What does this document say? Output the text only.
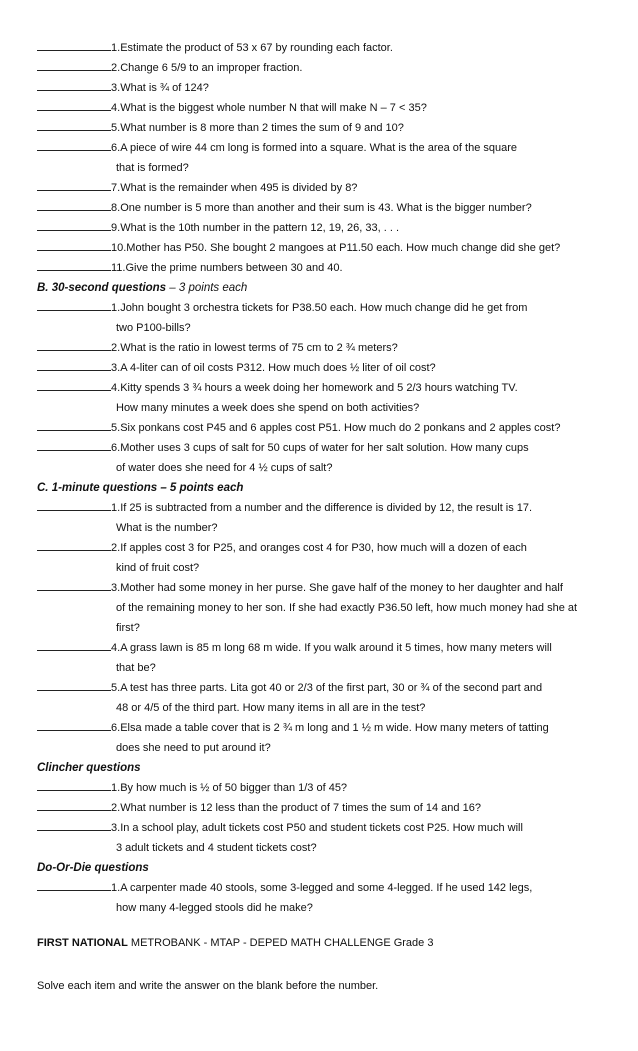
1.Estimate the product of 53 x 67 by rounding each factor.
2.Change 6 5/9 to an improper fraction.
3.What is ¾ of 124?
4.What is the biggest whole number N that will make N – 7 < 35?
5.What number is 8 more than 2 times the sum of 9 and 10?
6.A piece of wire 44 cm long is formed into a square. What is the area of the square
that is formed?
7.What is the remainder when 495 is divided by 8?
8.One number is 5 more than another and their sum is 43. What is the bigger number?
9.What is the 10th number in the pattern 12, 19, 26, 33, . . .
10.Mother has P50. She bought 2 mangoes at P11.50 each. How much change did she get?
11.Give the prime numbers between 30 and 40.
B. 30-second questions – 3 points each
1.John bought 3 orchestra tickets for P38.50 each. How much change did he get from
two P100-bills?
2.What is the ratio in lowest terms of 75 cm to 2 ¾ meters?
3.A 4-liter can of oil costs P312. How much does ½ liter of oil cost?
4.Kitty spends 3 ¾ hours a week doing her homework and 5 2/3 hours watching TV.
How many minutes a week does she spend on both activities?
5.Six ponkans cost P45 and 6 apples cost P51. How much do 2 ponkans and 2 apples cost?
6.Mother uses 3 cups of salt for 50 cups of water for her salt solution. How many cups
of water does she need for 4 ½ cups of salt?
C. 1-minute questions – 5 points each
1.If 25 is subtracted from a number and the difference is divided by 12, the result is 17.
What is the number?
2.If apples cost 3 for P25, and oranges cost 4 for P30, how much will a dozen of each
kind of fruit cost?
3.Mother had some money in her purse. She gave half of the money to her daughter and half
of the remaining money to her son. If she had exactly P36.50 left, how much money had she at
first?
4.A grass lawn is 85 m long 68 m wide. If you walk around it 5 times, how many meters will
that be?
5.A test has three parts. Lita got 40 or 2/3 of the first part, 30 or ¾ of the second part and
48 or 4/5 of the third part. How many items in all are in the test?
6.Elsa made a table cover that is 2 ¾ m long and 1 ½ m wide. How many meters of tatting
does she need to put around it?
Clincher questions
1.By how much is ½ of 50 bigger than 1/3 of 45?
2.What number is 12 less than the product of 7 times the sum of 14 and 16?
3.In a school play, adult tickets cost P50 and student tickets cost P25. How much will
3 adult tickets and 4 student tickets cost?
Do-Or-Die questions
1.A carpenter made 40 stools, some 3-legged and some 4-legged. If he used 142 legs,
how many 4-legged stools did he make?
FIRST NATIONAL METROBANK - MTAP - DEPED MATH CHALLENGE Grade 3
Solve each item and write the answer on the blank before the number.
